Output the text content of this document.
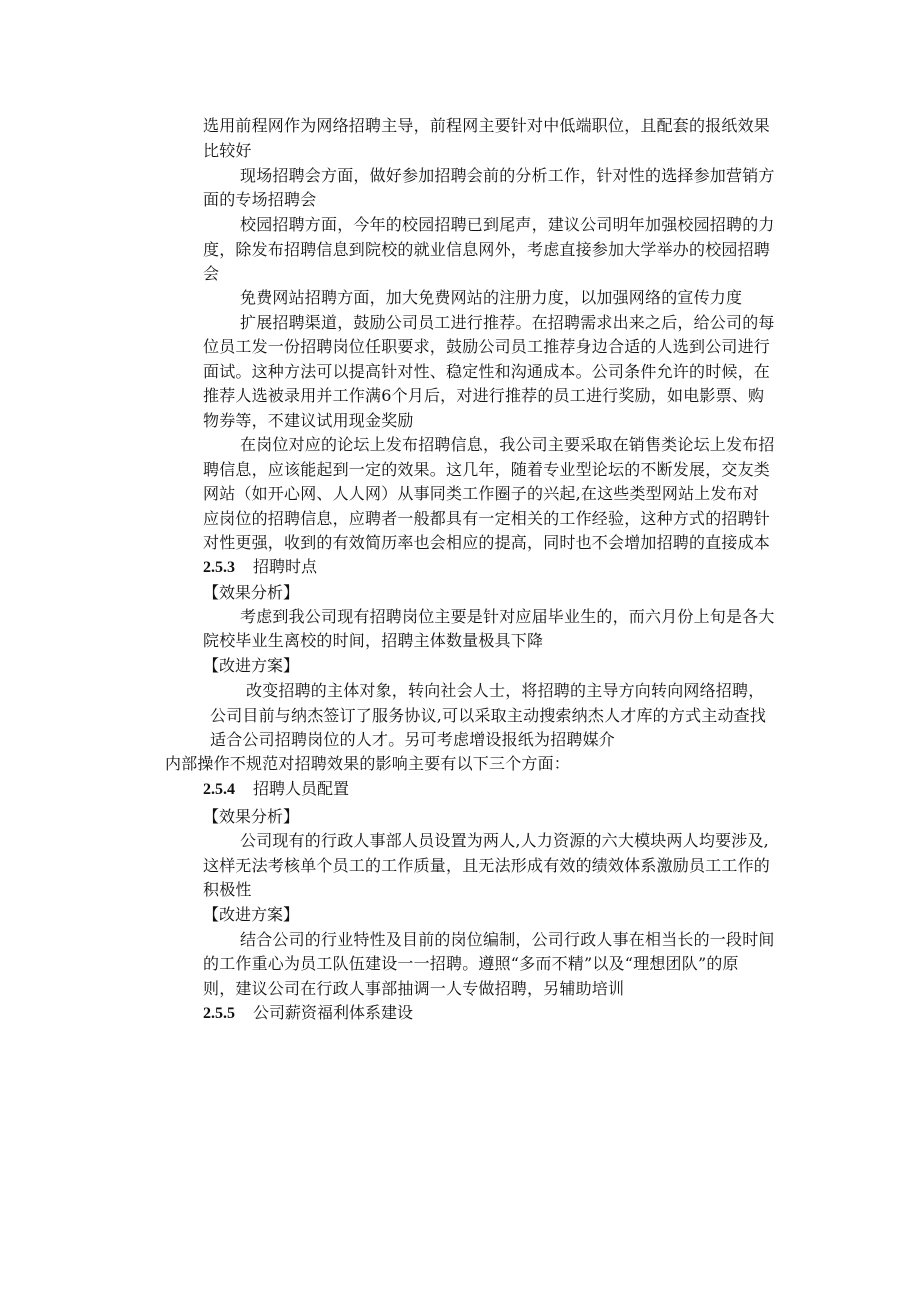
选用前程网作为网络招聘主导，前程网主要针对中低端职位，且配套的报纸效果
比较好
现场招聘会方面，做好参加招聘会前的分析工作，针对性的选择参加营销方
面的专场招聘会
校园招聘方面，今年的校园招聘已到尾声，建议公司明年加强校园招聘的力
度，除发布招聘信息到院校的就业信息网外，考虑直接参加大学举办的校园招聘
会
免费网站招聘方面，加大免费网站的注册力度，以加强网络的宣传力度
扩展招聘渠道，鼓励公司员工进行推荐。在招聘需求出来之后，给公司的每
位员工发一份招聘岗位任职要求，鼓励公司员工推荐身边合适的人选到公司进行
面试。这种方法可以提高针对性、稳定性和沟通成本。公司条件允许的时候，在
推荐人选被录用并工作满6个月后，对进行推荐的员工进行奖励，如电影票、购
物券等，不建议试用现金奖励
在岗位对应的论坛上发布招聘信息，我公司主要采取在销售类论坛上发布招
聘信息，应该能起到一定的效果。这几年，随着专业型论坛的不断发展，交友类
网站（如开心网、人人网）从事同类工作圈子的兴起,在这些类型网站上发布对
应岗位的招聘信息，应聘者一般都具有一定相关的工作经验，这种方式的招聘针
对性更强，收到的有效简历率也会相应的提高，同时也不会增加招聘的直接成本
2.5.3 招聘时点
【效果分析】
考虑到我公司现有招聘岗位主要是针对应届毕业生的，而六月份上旬是各大
院校毕业生离校的时间，招聘主体数量极具下降
【改进方案】
改变招聘的主体对象，转向社会人士，将招聘的主导方向转向网络招聘，
公司目前与纳杰签订了服务协议,可以采取主动搜索纳杰人才库的方式主动查找
适合公司招聘岗位的人才。另可考虑增设报纸为招聘媒介
内部操作不规范对招聘效果的影响主要有以下三个方面：
2.5.4 招聘人员配置
【效果分析】
公司现有的行政人事部人员设置为两人,人力资源的六大模块两人均要涉及,
这样无法考核单个员工的工作质量，且无法形成有效的绩效体系激励员工工作的
积极性
【改进方案】
结合公司的行业特性及目前的岗位编制，公司行政人事在相当长的一段时间
的工作重心为员工队伍建设一一招聘。遵照“多而不精”以及“理想团队”的原
则，建议公司在行政人事部抽调一人专做招聘，另辅助培训
2.5.5 公司薪资福利体系建设
